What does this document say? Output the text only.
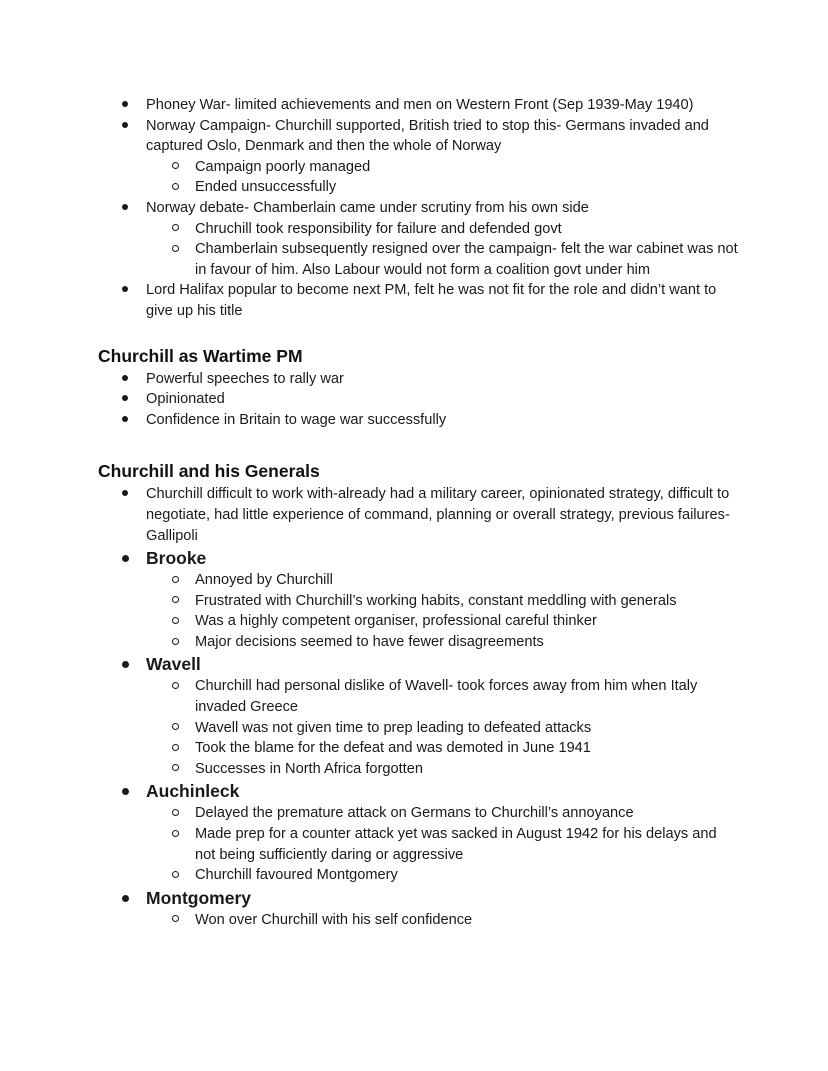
Phoney War- limited achievements and men on Western Front (Sep 1939-May 1940)
Norway Campaign- Churchill supported, British tried to stop this- Germans invaded and captured Oslo, Denmark and then the whole of Norway
Campaign poorly managed
Ended unsuccessfully
Norway debate- Chamberlain came under scrutiny from his own side
Chruchill took responsibility for failure and defended govt
Chamberlain subsequently resigned over the campaign- felt the war cabinet was not in favour of him. Also Labour would not form a coalition govt under him
Lord Halifax popular to become next PM, felt he was not fit for the role and didn’t want to give up his title
Churchill as Wartime PM
Powerful speeches to rally war
Opinionated
Confidence in Britain to wage war successfully
Churchill and his Generals
Churchill difficult to work with-already had a military career, opinionated strategy, difficult to negotiate, had little experience of command, planning or overall strategy, previous failures- Gallipoli
Brooke
Annoyed by Churchill
Frustrated with Churchill’s working habits, constant meddling with generals
Was a highly competent organiser, professional careful thinker
Major decisions seemed to have fewer disagreements
Wavell
Churchill had personal dislike of Wavell- took forces away from him when Italy invaded Greece
Wavell was not given time to prep leading to defeated attacks
Took the blame for the defeat and was demoted in June 1941
Successes in North Africa forgotten
Auchinleck
Delayed the premature attack on Germans to Churchill’s annoyance
Made prep for a counter attack yet was sacked in August 1942 for his delays and not being sufficiently daring or aggressive
Churchill favoured Montgomery
Montgomery
Won over Churchill with his self confidence
